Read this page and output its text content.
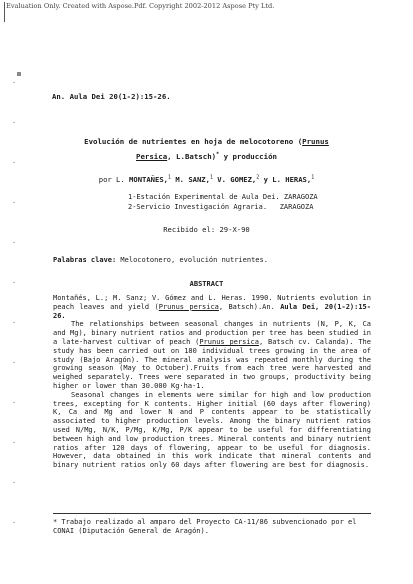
Evaluation Only. Created with Aspose.Pdf. Copyright 2002-2012 Aspose Pty Ltd.
An. Aula Dei 20(1-2):15-26.
Evolución de nutrientes en hoja de melocotoreno (Prunus
Persica, L.Batsch)* y producción
por L. MONTAÑES,$^1$ M. SANZ,$^1$ V. GOMEZ,$^2$ y L. HERAS,$^1$
1-Estación Experimental de Aula Dei. ZARAGOZA
2-Servicio Investigación Agraria.   ZARAGOZA
Recibido el: 29-X-90
Palabras clave: Melocotonero, evolución nutrientes.
ABSTRACT

Montañés, L.; M. Sanz; V. Gómez and L. Heras. 1990. Nutrients evolution in peach leaves and yield (Prunus persica, Batsch).An. Aula Dei, 20(1-2):15-26.

The relationships between seasonal changes in nutrients (N, P, K, Ca and Mg), binary nutrient ratios and production per tree has been studied in a late-harvest cultivar of peach (Prunus persica, Batsch cv. Calanda). The study has been carried out on 180 individual trees growing in the area of study (Bajo Aragón). The mineral analysis was repeated monthly during the growing season (May to October).Fruits from each tree were harvested and weighed separately. Trees were separated in two groups, productivity being higher or lower than 30.000 Kg·ha-1.

Seasonal changes in elements were similar for high and low production trees, excepting for K contents. Higher initial (60 days after flowering) K, Ca and Mg and lower N and P contents appear to be statistically associated to higher production levels. Among the binary nutrient ratios used N/Mg, N/K, P/Mg, K/Mg, P/K appear to be useful for differentiating between high and low production trees. Mineral contents and binary nutrient ratios after 120 days of flowering, appear to be useful for diagnosis. However, data obtained in this work indicate that mineral contents and binary nutrient ratios only 60 days after flowering are best for diagnosis.

* Trabajo realizado al amparo del Proyecto CA-11/86 subvencionado por el CONAI (Diputación General de Aragón).
